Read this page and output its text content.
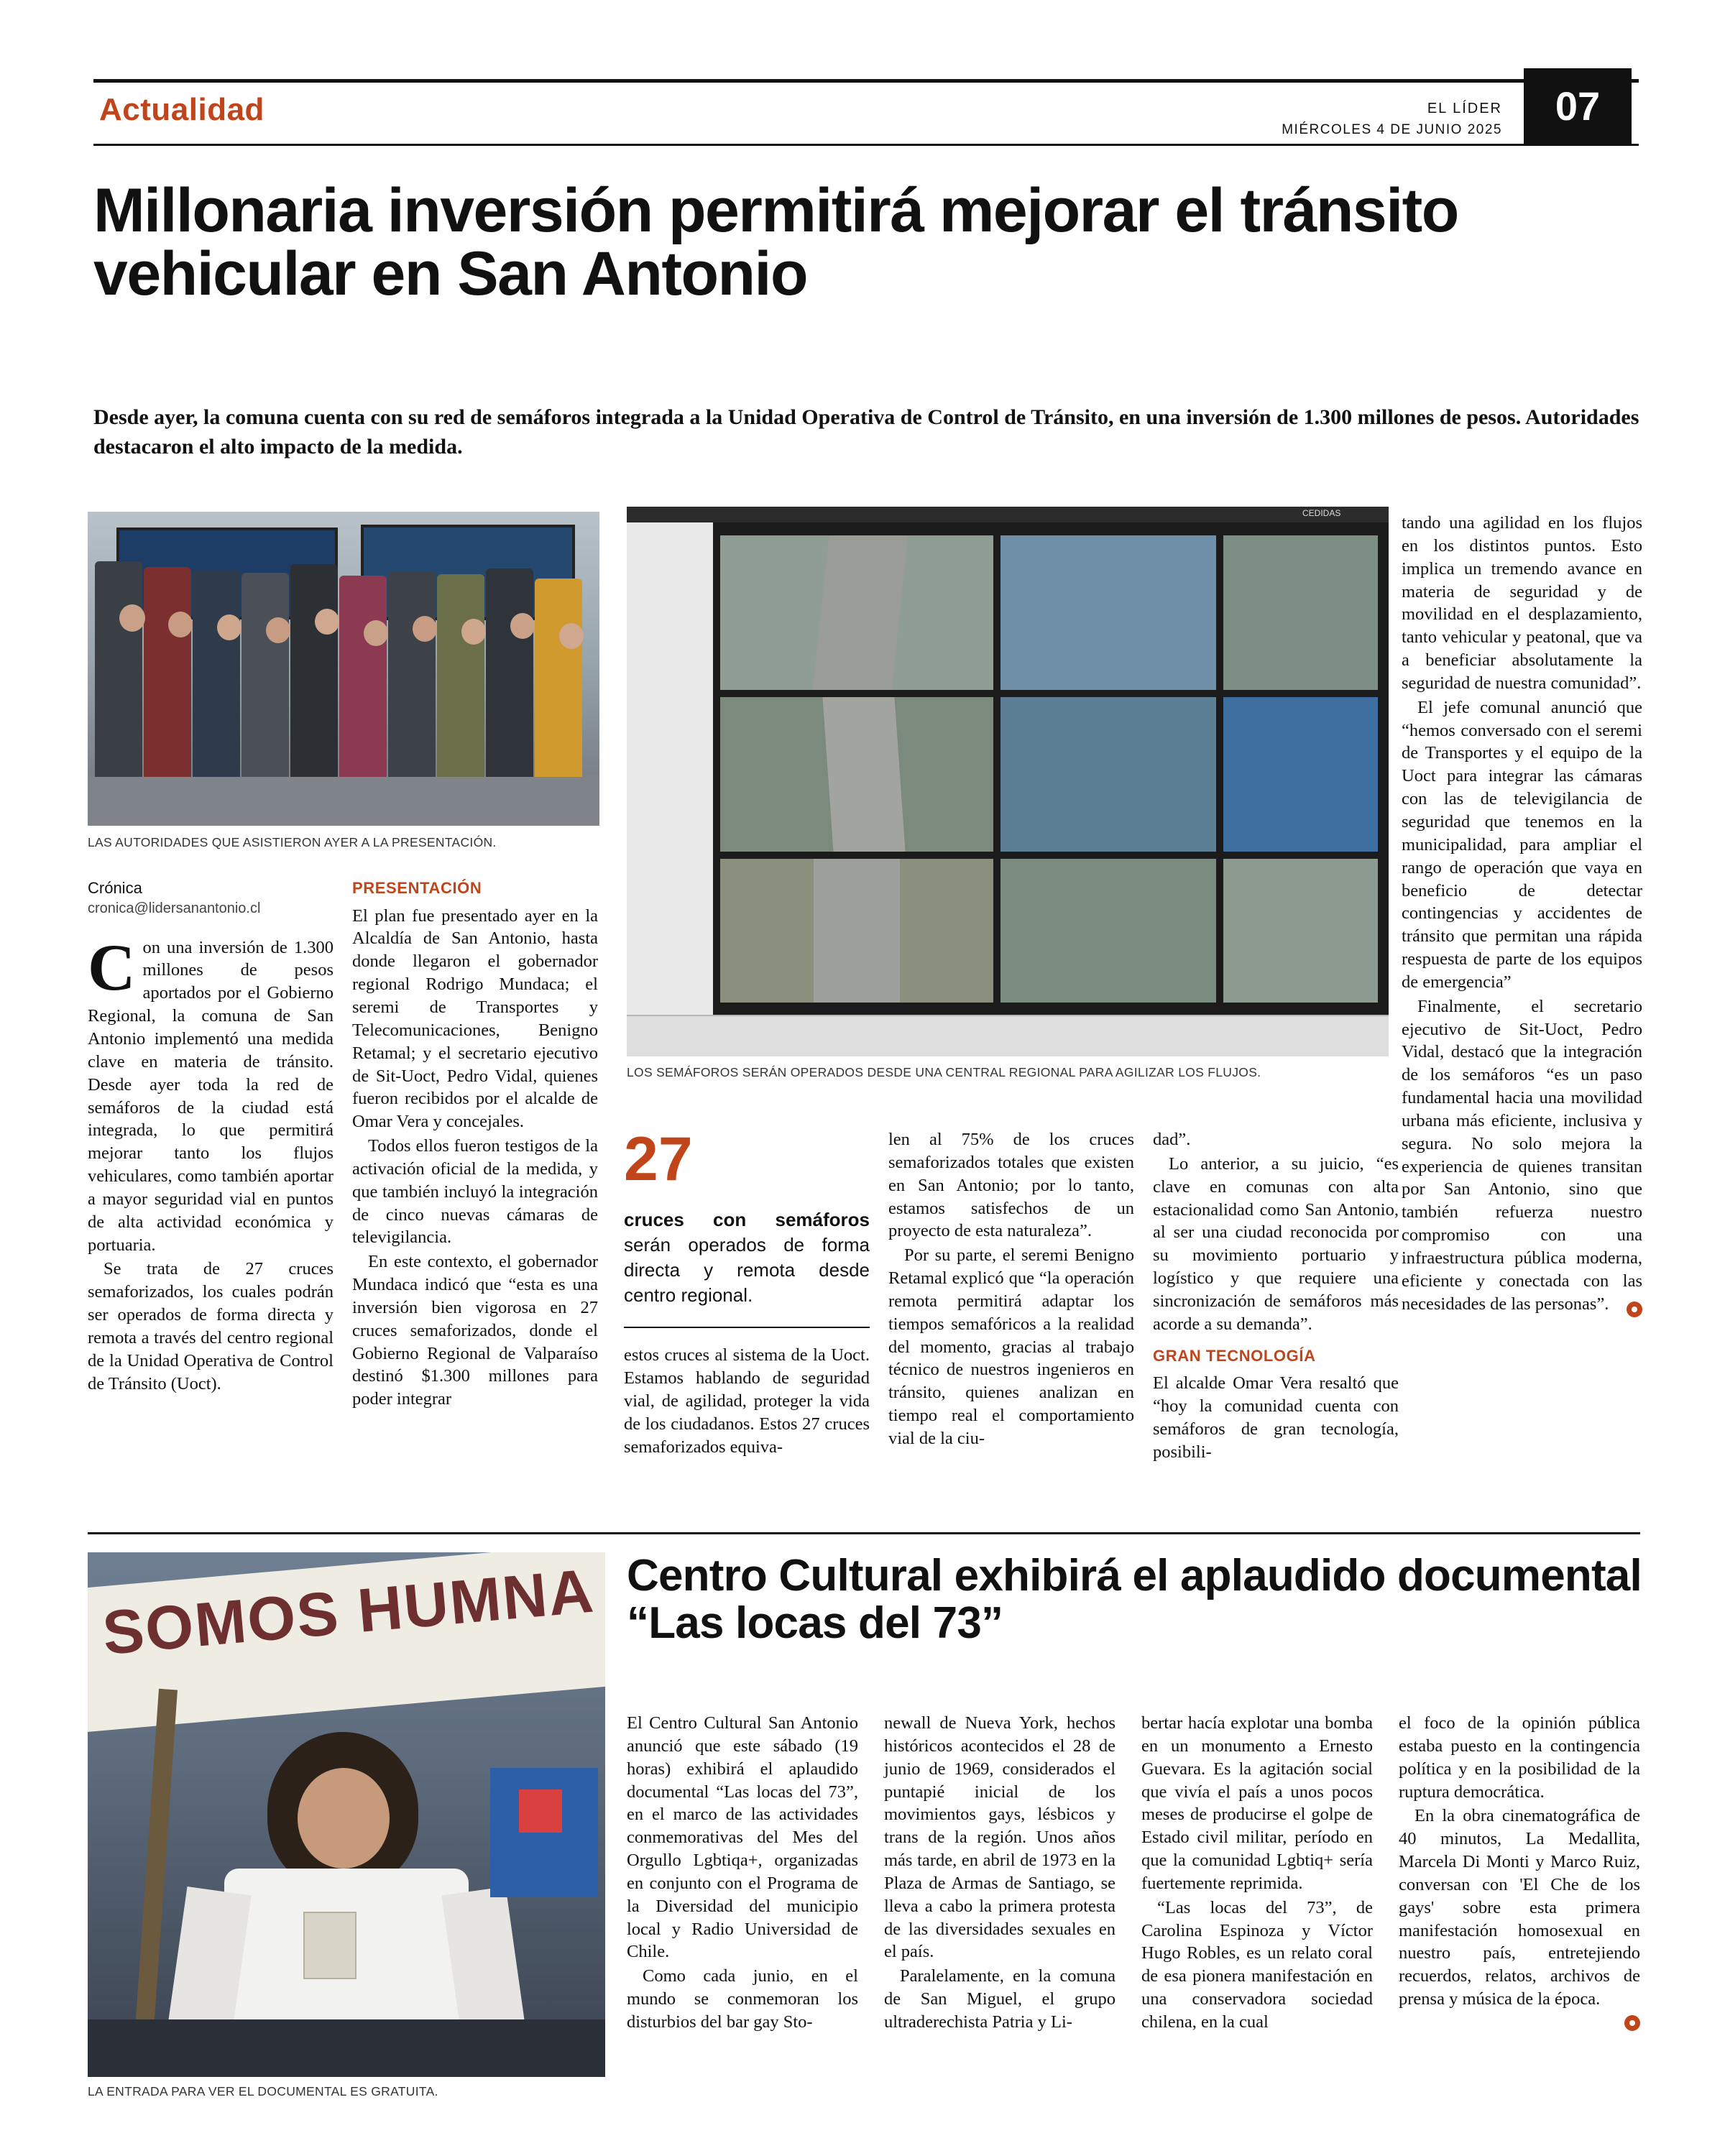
Actualidad	EL LÍDER
MIÉRCOLES 4 DE JUNIO 2025
07
Millonaria inversión permitirá mejorar el tránsito vehicular en San Antonio
Desde ayer, la comuna cuenta con su red de semáforos integrada a la Unidad Operativa de Control de Tránsito, en una inversión de 1.300 millones de pesos. Autoridades destacaron el alto impacto de la medida.
LAS AUTORIDADES QUE ASISTIERON AYER A LA PRESENTACIÓN.
CEDIDAS
LOS SEMÁFOROS SERÁN OPERADOS DESDE UNA CENTRAL REGIONAL PARA AGILIZAR LOS FLUJOS.
Crónica
cronica@lidersanantonio.cl

Con una inversión de 1.300 millones de pesos aportados por el Gobierno Regional, la comuna de San Antonio implementó una medida clave en materia de tránsito. Desde ayer toda la red de semáforos de la ciudad está integrada, lo que permitirá mejorar tanto los flujos vehiculares, como también aportar a mayor seguridad vial en puntos de alta actividad económica y portuaria.

Se trata de 27 cruces semaforizados, los cuales podrán ser operados de forma directa y remota a través del centro regional de la Unidad Operativa de Control de Tránsito (Uoct).

PRESENTACIÓN

El plan fue presentado ayer en la Alcaldía de San Antonio, hasta donde llegaron el gobernador regional Rodrigo Mundaca; el seremi de Transportes y Telecomunicaciones, Benigno Retamal; y el secretario ejecutivo de Sit-Uoct, Pedro Vidal, quienes fueron recibidos por el alcalde de Omar Vera y concejales.

Todos ellos fueron testigos de la activación oficial de la medida, y que también incluyó la integración de cinco nuevas cámaras de televigilancia.

En este contexto, el gobernador Mundaca indicó que “esta es una inversión bien vigorosa en 27 cruces semaforizados, donde el Gobierno Regional de Valparaíso destinó $1.300 millones para poder integrar

27
cruces con semáforos serán operados de forma directa y remota desde centro regional.

estos cruces al sistema de la Uoct. Estamos hablando de seguridad vial, de agilidad, proteger la vida de los ciudadanos. Estos 27 cruces semaforizados equiva-

len al 75% de los cruces semaforizados totales que existen en San Antonio; por lo tanto, estamos satisfechos de un proyecto de esta naturaleza”.

Por su parte, el seremi Benigno Retamal explicó que “la operación remota permitirá adaptar los tiempos semafóricos a la realidad del momento, gracias al trabajo técnico de nuestros ingenieros en tránsito, quienes analizan en tiempo real el comportamiento vial de la ciu-

dad”.

Lo anterior, a su juicio, “es clave en comunas con alta estacionalidad como San Antonio, al ser una ciudad reconocida por su movimiento portuario y logístico y que requiere una sincronización de semáforos más acorde a su demanda”.

GRAN TECNOLOGÍA

El alcalde Omar Vera resaltó que “hoy la comunidad cuenta con semáforos de gran tecnología, posibili-

tando una agilidad en los flujos en los distintos puntos. Esto implica un tremendo avance en materia de seguridad y de movilidad en el desplazamiento, tanto vehicular y peatonal, que va a beneficiar absolutamente la seguridad de nuestra comunidad”.

El jefe comunal anunció que “hemos conversado con el seremi de Transportes y el equipo de la Uoct para integrar las cámaras con las de televigilancia de seguridad que tenemos en la municipalidad, para ampliar el rango de operación que vaya en beneficio de detectar contingencias y accidentes de tránsito que permitan una rápida respuesta de parte de los equipos de emergencia”

Finalmente, el secretario ejecutivo de Sit-Uoct, Pedro Vidal, destacó que la integración de los semáforos “es un paso fundamental hacia una movilidad urbana más eficiente, inclusiva y segura. No solo mejora la experiencia de quienes transitan por San Antonio, sino que también refuerza nuestro compromiso con una infraestructura pública moderna, eficiente y conectada con las necesidades de las personas”.

SOMOS HUMNA
LA ENTRADA PARA VER EL DOCUMENTAL ES GRATUITA.
Centro Cultural exhibirá el aplaudido documental “Las locas del 73”

El Centro Cultural San Antonio anunció que este sábado (19 horas) exhibirá el aplaudido documental “Las locas del 73”, en el marco de las actividades conmemorativas del Mes del Orgullo Lgbtiqa+, organizadas en conjunto con el Programa de la Diversidad del municipio local y Radio Universidad de Chile.

Como cada junio, en el mundo se conmemoran los disturbios del bar gay Sto-

newall de Nueva York, hechos históricos acontecidos el 28 de junio de 1969, considerados el puntapié inicial de los movimientos gays, lésbicos y trans de la región. Unos años más tarde, en abril de 1973 en la Plaza de Armas de Santiago, se lleva a cabo la primera protesta de las diversidades sexuales en el país.

Paralelamente, en la comuna de San Miguel, el grupo ultraderechista Patria y Li-

bertar hacía explotar una bomba en un monumento a Ernesto Guevara. Es la agitación social que vivía el país a unos pocos meses de producirse el golpe de Estado civil militar, período en que la comunidad Lgbtiq+ sería fuertemente reprimida.

“Las locas del 73”, de Carolina Espinoza y Víctor Hugo Robles, es un relato coral de esa pionera manifestación en una conservadora sociedad chilena, en la cual

el foco de la opinión pública estaba puesto en la contingencia política y en la posibilidad de la ruptura democrática.

En la obra cinematográfica de 40 minutos, La Medallita, Marcela Di Monti y Marco Ruiz, conversan con 'El Che de los gays' sobre esta primera manifestación homosexual en nuestro país, entretejiendo recuerdos, relatos, archivos de prensa y música de la época.
